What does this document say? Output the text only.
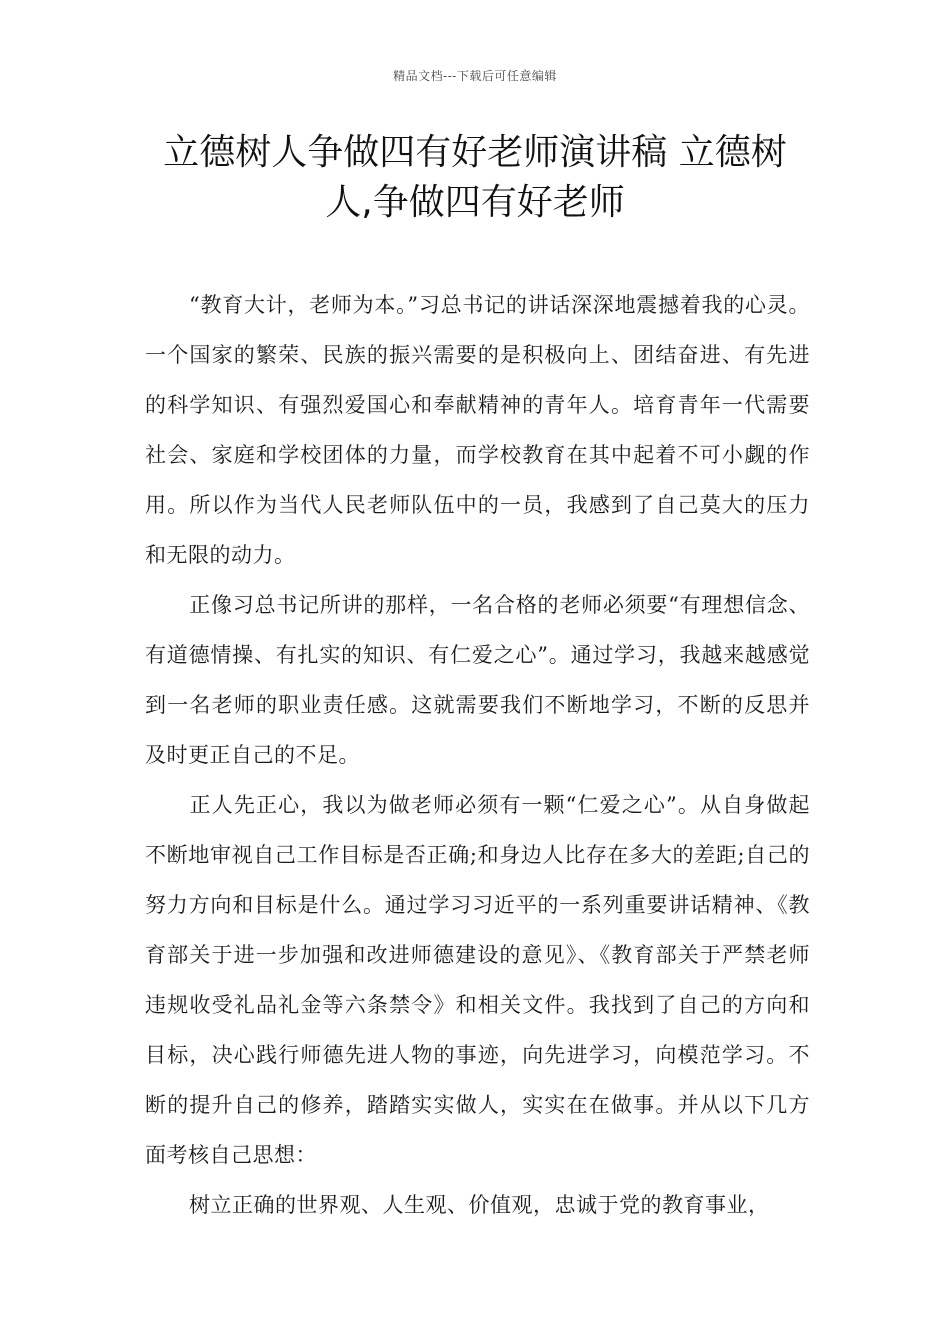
精品文档---下载后可任意编辑
立德树人争做四有好老师演讲稿 立德树人,争做四有好老师

“教育大计，老师为本。”习总书记的讲话深深地震撼着我的心灵。一个国家的繁荣、民族的振兴需要的是积极向上、团结奋进、有先进的科学知识、有强烈爱国心和奉献精神的青年人。培育青年一代需要社会、家庭和学校团体的力量，而学校教育在其中起着不可小觑的作用。所以作为当代人民老师队伍中的一员，我感到了自己莫大的压力和无限的动力。

正像习总书记所讲的那样，一名合格的老师必须要“有理想信念、有道德情操、有扎实的知识、有仁爱之心”。通过学习，我越来越感觉到一名老师的职业责任感。这就需要我们不断地学习，不断的反思并及时更正自己的不足。

正人先正心，我以为做老师必须有一颗“仁爱之心”。从自身做起不断地审视自己工作目标是否正确;和身边人比存在多大的差距;自己的努力方向和目标是什么。通过学习习近平的一系列重要讲话精神、《教育部关于进一步加强和改进师德建设的意见》、《教育部关于严禁老师违规收受礼品礼金等六条禁令》和相关文件。我找到了自己的方向和目标，决心践行师德先进人物的事迹，向先进学习，向模范学习。不断的提升自己的修养，踏踏实实做人，实实在在做事。并从以下几方面考核自己思想：

树立正确的世界观、人生观、价值观，忠诚于党的教育事业，
